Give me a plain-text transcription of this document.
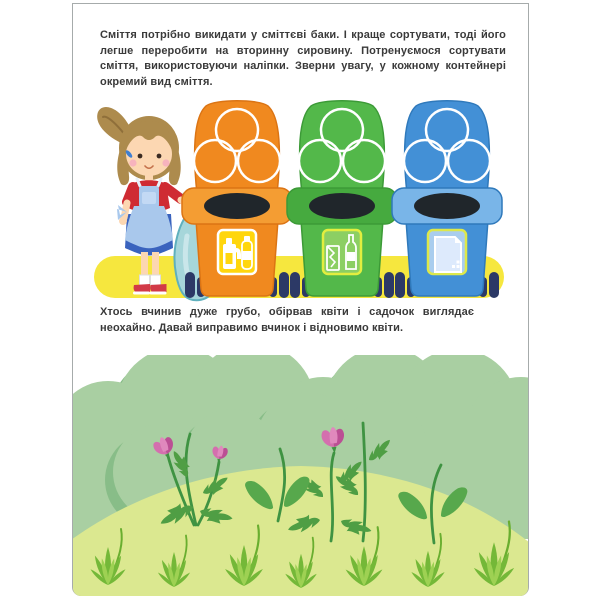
Сміття потрібно викидати у сміттєві баки. І краще сортувати, тоді його легше переробити на вторинну сировину. Потренуємося сортувати сміття, використовуючи наліпки. Зверни увагу, у кожному контейнері окремий вид сміття.

Хтось вчинив дуже грубо, обірвав квіти і садочок виглядає неохайно. Давай виправимо вчинок і відновимо квіти.
